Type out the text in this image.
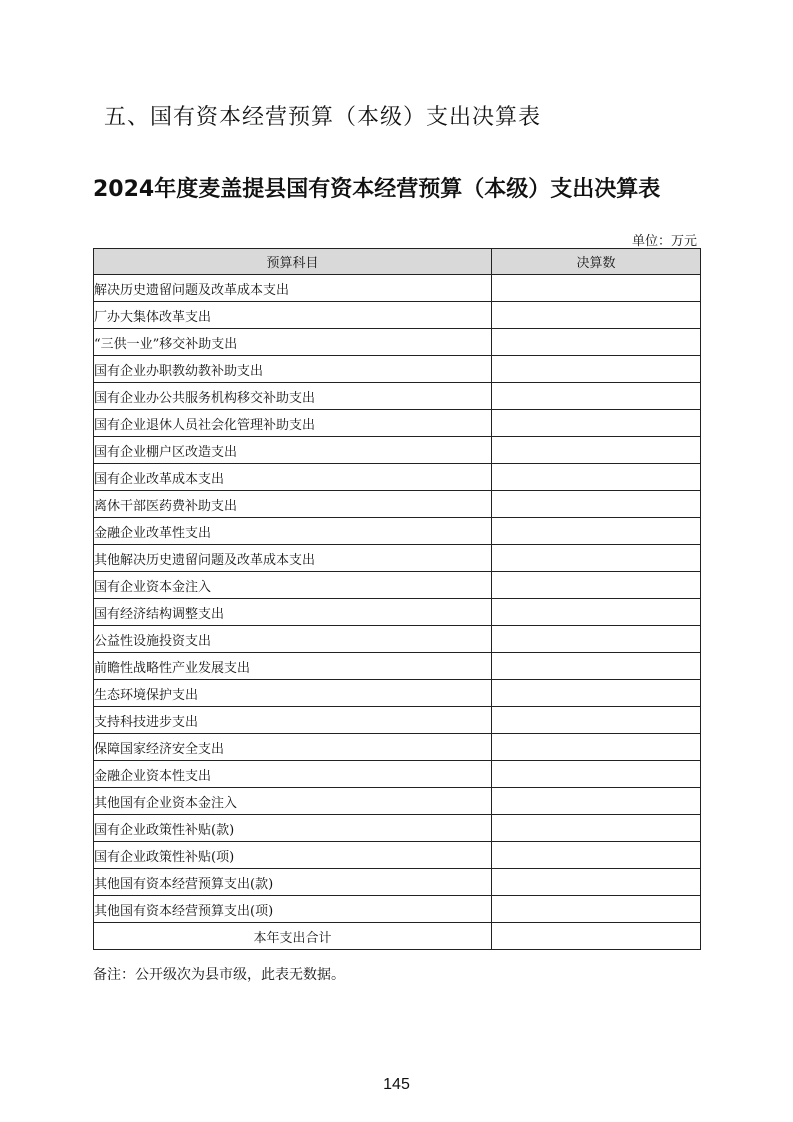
五、国有资本经营预算（本级）支出决算表
2024年度麦盖提县国有资本经营预算（本级）支出决算表
单位：万元
预算科目	决算数
解决历史遗留问题及改革成本支出	
厂办大集体改革支出	
“三供一业”移交补助支出	
国有企业办职教幼教补助支出	
国有企业办公共服务机构移交补助支出	
国有企业退休人员社会化管理补助支出	
国有企业棚户区改造支出	
国有企业改革成本支出	
离休干部医药费补助支出	
金融企业改革性支出	
其他解决历史遗留问题及改革成本支出	
国有企业资本金注入	
国有经济结构调整支出	
公益性设施投资支出	
前瞻性战略性产业发展支出	
生态环境保护支出	
支持科技进步支出	
保障国家经济安全支出	
金融企业资本性支出	
其他国有企业资本金注入	
国有企业政策性补贴(款)	
国有企业政策性补贴(项)	
其他国有资本经营预算支出(款)	
其他国有资本经营预算支出(项)	
本年支出合计	
备注：公开级次为县市级，此表无数据。
145
